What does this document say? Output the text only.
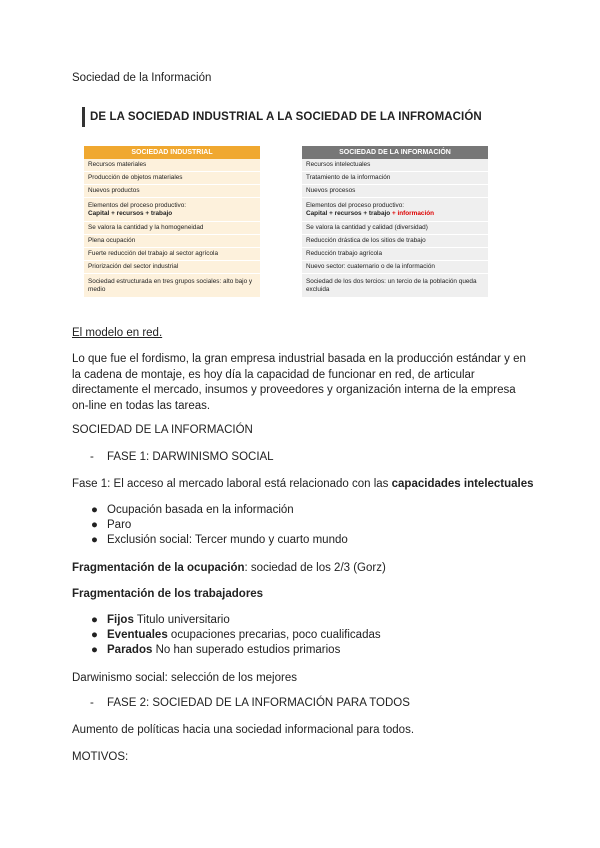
Sociedad de la Información
DE LA SOCIEDAD INDUSTRIAL A LA SOCIEDAD DE LA INFROMACIÓN
SOCIEDAD INDUSTRIAL
Recursos materiales
Producción de objetos materiales
Nuevos productos
Elementos del proceso productivo:
Capital + recursos + trabajo
Se valora la cantidad y la homogeneidad
Plena ocupación
Fuerte reducción del trabajo al sector agrícola
Priorización del sector industrial
Sociedad estructurada en tres grupos sociales: alto bajo y medio
SOCIEDAD DE LA INFORMACIÓN
Recursos intelectuales
Tratamiento de la información
Nuevos procesos
Elementos del proceso productivo:
Capital + recursos + trabajo + información
Se valora la cantidad y calidad (diversidad)
Reducción drástica de los sitios de trabajo
Reducción trabajo agrícola
Nuevo sector: cuaternario o de la información
Sociedad de los dos tercios: un tercio de la población queda excluida
El modelo en red.
Lo que fue el fordismo, la gran empresa industrial basada en la producción estándar y en la cadena de montaje, es hoy día la capacidad de funcionar en red, de articular directamente el mercado, insumos y proveedores y organización interna de la empresa on-line en todas las tareas.
SOCIEDAD DE LA INFORMACIÓN
- FASE 1: DARWINISMO SOCIAL
Fase 1: El acceso al mercado laboral está relacionado con las capacidades intelectuales
● Ocupación basada en la información
● Paro
● Exclusión social: Tercer mundo y cuarto mundo
Fragmentación de la ocupación: sociedad de los 2/3 (Gorz)
Fragmentación de los trabajadores
● Fijos Titulo universitario
● Eventuales ocupaciones precarias, poco cualificadas
● Parados No han superado estudios primarios
Darwinismo social: selección de los mejores
- FASE 2: SOCIEDAD DE LA INFORMACIÓN PARA TODOS
Aumento de políticas hacia una sociedad informacional para todos.
MOTIVOS:
